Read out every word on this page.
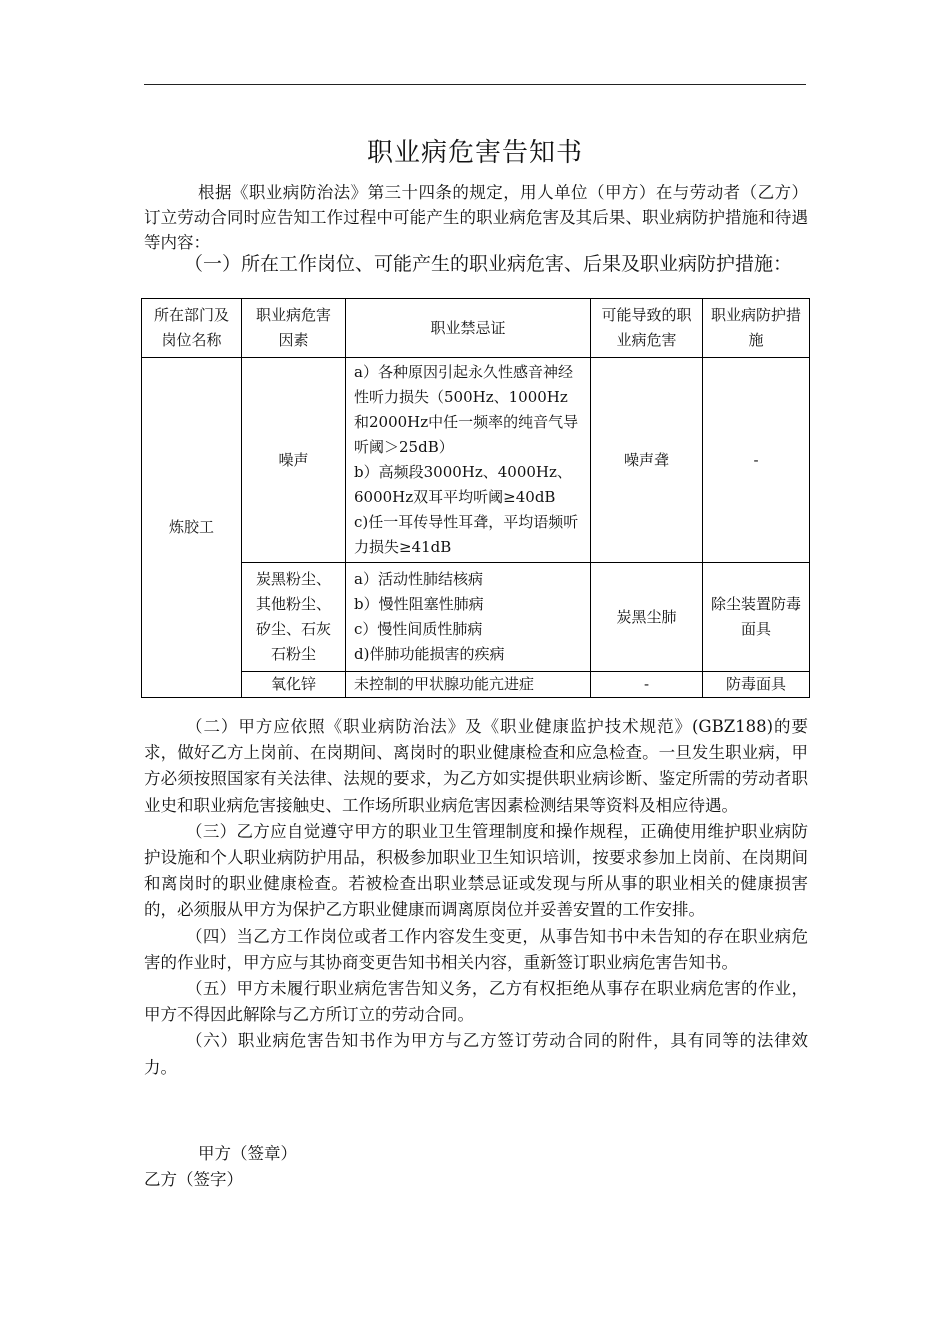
职业病危害告知书
根据《职业病防治法》第三十四条的规定，用人单位（甲方）在与劳动者（乙方）订立劳动合同时应告知工作过程中可能产生的职业病危害及其后果、职业病防护措施和待遇等内容：
（一）所在工作岗位、可能产生的职业病危害、后果及职业病防护措施：
所在部门及岗位名称	职业病危害因素	职业禁忌证	可能导致的职业病危害	职业病防护措施
炼胶工	噪声	a）各种原因引起永久性感音神经性听力损失（500Hz、1000Hz和2000Hz中任一频率的纯音气导听阈＞25dB）
b）高频段3000Hz、4000Hz、6000Hz双耳平均听阈≥40dB
c)任一耳传导性耳聋，平均语频听力损失≥41dB	噪声聋	-
	炭黑粉尘、其他粉尘、矽尘、石灰石粉尘	a）活动性肺结核病
b）慢性阻塞性肺病
c）慢性间质性肺病
d)伴肺功能损害的疾病	炭黑尘肺	除尘装置防毒面具
	氧化锌	未控制的甲状腺功能亢进症	-	防毒面具

（二）甲方应依照《职业病防治法》及《职业健康监护技术规范》(GBZ188)的要求，做好乙方上岗前、在岗期间、离岗时的职业健康检查和应急检查。一旦发生职业病，甲方必须按照国家有关法律、法规的要求，为乙方如实提供职业病诊断、鉴定所需的劳动者职业史和职业病危害接触史、工作场所职业病危害因素检测结果等资料及相应待遇。

（三）乙方应自觉遵守甲方的职业卫生管理制度和操作规程，正确使用维护职业病防护设施和个人职业病防护用品，积极参加职业卫生知识培训，按要求参加上岗前、在岗期间和离岗时的职业健康检查。若被检查出职业禁忌证或发现与所从事的职业相关的健康损害的，必须服从甲方为保护乙方职业健康而调离原岗位并妥善安置的工作安排。

（四）当乙方工作岗位或者工作内容发生变更，从事告知书中未告知的存在职业病危害的作业时，甲方应与其协商变更告知书相关内容，重新签订职业病危害告知书。

（五）甲方未履行职业病危害告知义务，乙方有权拒绝从事存在职业病危害的作业，甲方不得因此解除与乙方所订立的劳动合同。

（六）职业病危害告知书作为甲方与乙方签订劳动合同的附件，具有同等的法律效力。

甲方（签章）
乙方（签字）
